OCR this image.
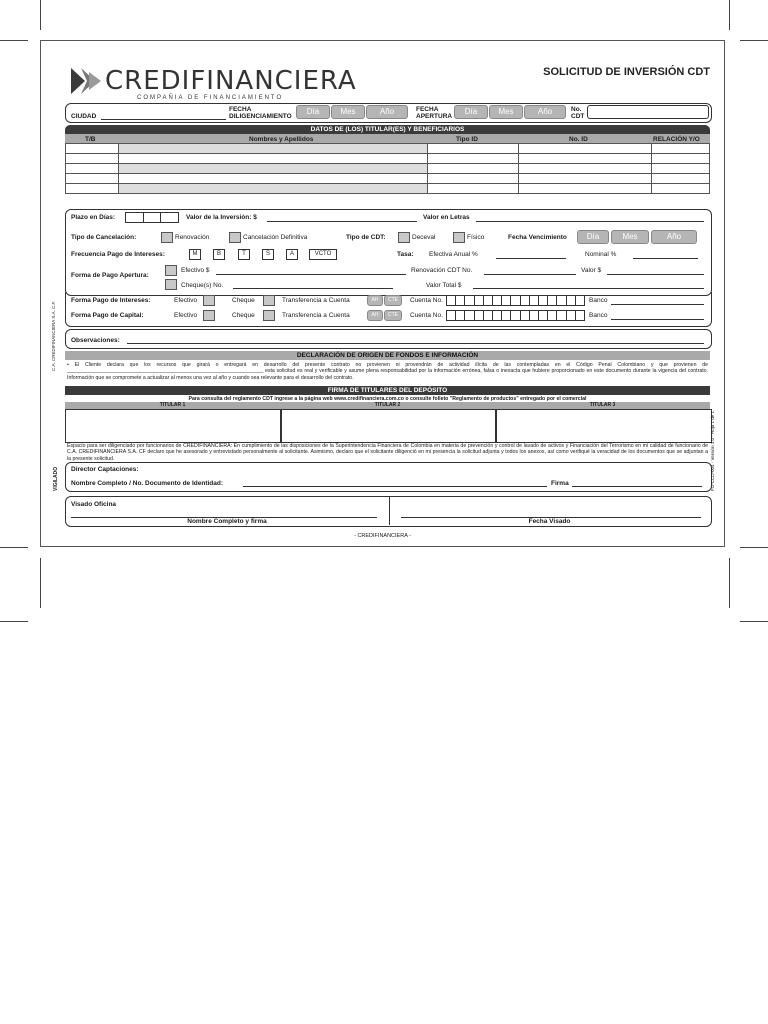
CREDIFINANCIERA
COMPAÑIA DE FINANCIAMIENTO
SOLICITUD DE INVERSIÓN CDT
CIUDAD
FECHA DILIGENCIAMIENTO
Día	Mes	Año	FECHA APERTURA
Día	Mes	Año	No. CDT
DATOS DE (LOS) TITULAR(ES) Y BENEFICIARIOS
T/B	Nombres y Apellidos	Tipo ID	No. ID	RELACIÓN Y/O

Plazo en Días:	Valor de la Inversión: $	Valor en Letras
Tipo de Cancelación:	Renovación	Cancelación Definitiva	Tipo de CDT:	Deceval	Físico	Fecha Vencimiento	Día	Mes	Año
Frecuencia Pago de Intereses:	M	B	T	S	A	VCTO	Tasa: Efectiva Anual %	Nominal %
Forma de Pago Apertura:
Efectivo $	Renovación CDT No.	Valor $
Cheque(s) No.	Valor Total $
Forma Pago de Intereses:	Efectivo	Cheque	Transferencia a Cuenta	AH	CTE	Cuenta No.	Banco
Forma Pago de Capital:	Efectivo	Cheque	Transferencia a Cuenta	AH	CTE	Cuenta No.	Banco
Observaciones:
DECLARACIÓN DE ORIGEN DE FONDOS E INFORMACIÓN
• El Cliente declara que los recursos que girará o entregará en desarrollo del presente contrato no provienen ni provendrán de actividad ilícita de las contempladas en el Código Penal Colombiano y que provienen de ____________________________________________________________________ esta solicitud es real y verificable y asume plena responsabilidad por la información errónea, falsa o inexacta que hubiere proporcionado en este documento durante la vigencia del contrato. Información que se compromete a actualizar al menos una vez al año y cuando sea relevante para el desarrollo del contrato.
FIRMA DE TITULARES DEL DEPÓSITO
Para consulta del reglamento CDT ingrese a la página web www.credifinanciera.com.co o consulte folleto "Reglamento de productos" entregado por el comercial
TITULAR 1	TITULAR 2	TITULAR 3
Espacio para ser diligenciado por funcionarios de CREDIFINANCIERA: En cumplimiento de las disposiciones de la Superintendencia Financiera de Colombia en materia de prevención y control de lavado de activos y Financiación del Terrorismo en mi calidad de funcionario de C.A. CREDIFINANCIERA S.A. CF declaro que he asesorado y entrevistado personalmente al solicitante. Asimismo, declaro que el solicitante diligenció en mi presencia la solicitud adjunta y todos los anexos, así como verifiqué la veracidad de los documentos que se adjuntan a la presente solicitud.
Director Captaciones:
Nombre Completo / No. Documento de Identidad:	Firma
Visado Oficina
Nombre Completo y firma	Fecha Visado
- CREDIFINANCIERA -
C.A. CREDIFINANCIERA S.A. C.F.
VIGILADO	FO-CCD-004 · Versión 3.0 · Hoja 1 de 1
